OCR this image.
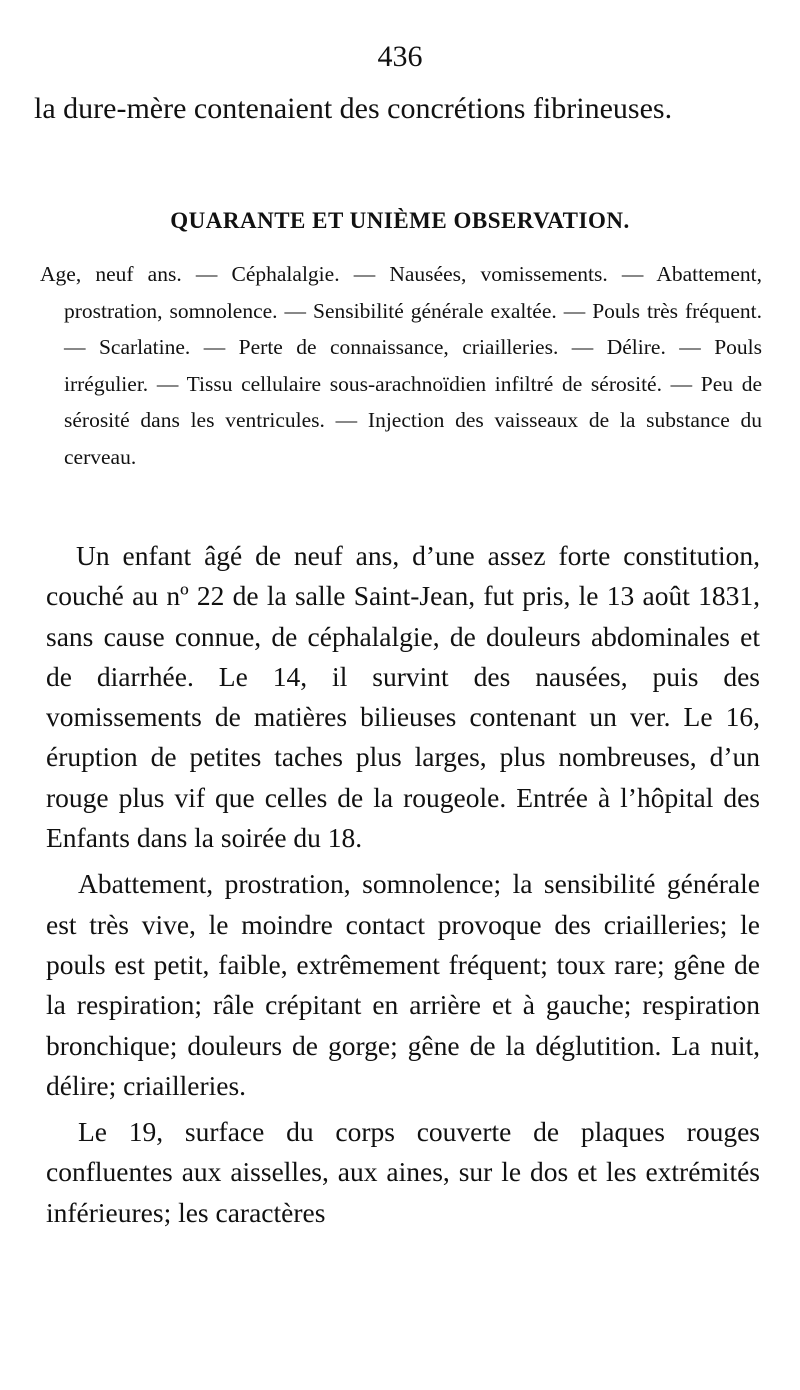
436
la dure-mère contenaient des concrétions fibrineuses.
QUARANTE ET UNIÈME OBSERVATION.

Age, neuf ans. — Céphalalgie. — Nausées, vomissements. — Abattement, prostration, somnolence. — Sensibilité générale exaltée. — Pouls très fréquent. — Scarlatine. — Perte de connaissance, criailleries. — Délire. — Pouls irrégulier. — Tissu cellulaire sous-arachnoïdien infiltré de sérosité. — Peu de sérosité dans les ventricules. — Injection des vaisseaux de la substance du cerveau.

Un enfant âgé de neuf ans, d’une assez forte constitution, couché au nº 22 de la salle Saint-Jean, fut pris, le 13 août 1831, sans cause connue, de céphalalgie, de douleurs abdominales et de diarrhée. Le 14, il survint des nausées, puis des vomissements de matières bilieuses contenant un ver. Le 16, éruption de petites taches plus larges, plus nombreuses, d’un rouge plus vif que celles de la rougeole. Entrée à l’hôpital des Enfants dans la soirée du 18.

Abattement, prostration, somnolence; la sensibilité générale est très vive, le moindre contact provoque des criailleries; le pouls est petit, faible, extrêmement fréquent; toux rare; gêne de la respiration; râle crépitant en arrière et à gauche; respiration bronchique; douleurs de gorge; gêne de la déglutition. La nuit, délire; criailleries.

Le 19, surface du corps couverte de plaques rouges confluentes aux aisselles, aux aines, sur le dos et les extrémités inférieures; les caractères
